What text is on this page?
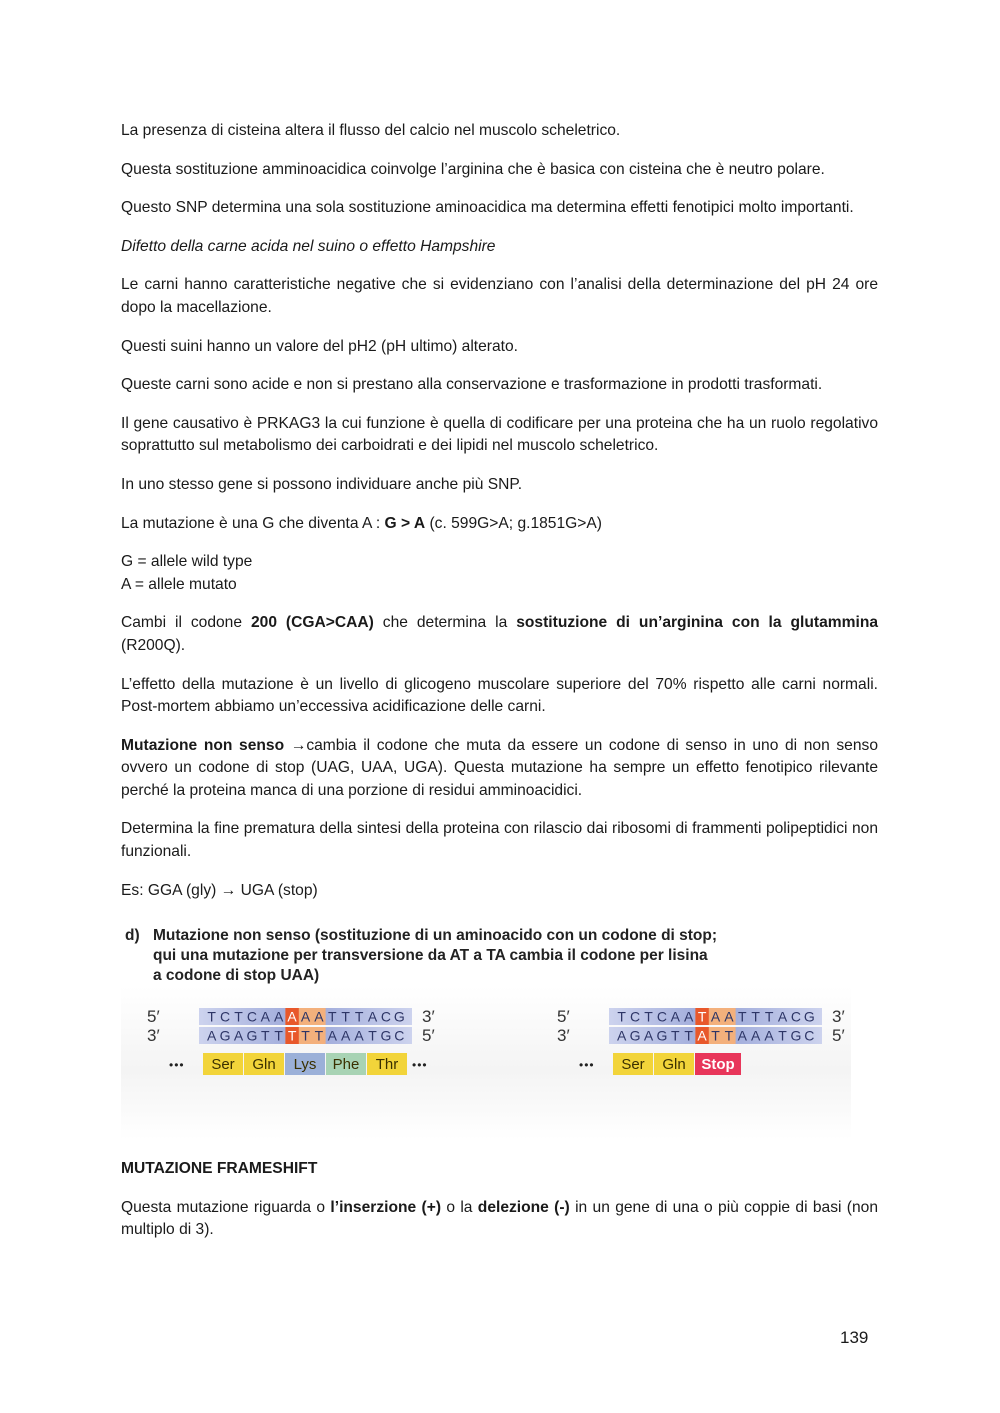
La presenza di cisteina altera il flusso del calcio nel muscolo scheletrico.

Questa sostituzione amminoacidica coinvolge l’arginina che è basica con cisteina che è neutro polare.

Questo SNP determina una sola sostituzione aminoacidica ma determina effetti fenotipici molto importanti.

Difetto della carne acida nel suino o effetto Hampshire

Le carni hanno caratteristiche negative che si evidenziano con l’analisi della determinazione del pH 24 ore dopo la macellazione.

Questi suini hanno un valore del pH2 (pH ultimo) alterato.

Queste carni sono acide e non si prestano alla conservazione e trasformazione in prodotti trasformati.

Il gene causativo è PRKAG3 la cui funzione è quella di codificare per una proteina che ha un ruolo regolativo soprattutto sul metabolismo dei carboidrati e dei lipidi nel muscolo scheletrico.

In uno stesso gene si possono individuare anche più SNP.

La mutazione è una G che diventa A : G > A (c. 599G>A; g.1851G>A)

G = allele wild type
A = allele mutato

Cambi il codone 200 (CGA>CAA) che determina la sostituzione di un’arginina con la glutammina (R200Q).

L’effetto della mutazione è un livello di glicogeno muscolare superiore del 70% rispetto alle carni normali. Post-mortem abbiamo un’eccessiva acidificazione delle carni.

Mutazione non senso →cambia il codone che muta da essere un codone di senso in uno di non senso ovvero un codone di stop (UAG, UAA, UGA). Questa mutazione ha sempre un effetto fenotipico rilevante perché la proteina manca di una porzione di residui amminoacidici.

Determina la fine prematura della sintesi della proteina con rilascio dai ribosomi di frammenti polipeptidici non funzionali.

Es: GGA (gly) → UGA (stop)

d) Mutazione non senso (sostituzione di un aminoacido con un codone di stop;
qui una mutazione per transversione da AT a TA cambia il codone per lisina
a codone di stop UAA)
5′
3′
3′
5′
T C T C A A A A A T T T A C G
A G A G T T T T T A A A T G C
••• Ser Gln Lys Phe Thr •••
5′
3′
3′
5′
T C T C A A T A A T T T A C G
A G A G T T A T T A A A T G C
••• Ser Gln Stop

MUTAZIONE FRAMESHIFT

Questa mutazione riguarda o l’inserzione (+) o la delezione (-) in un gene di una o più coppie di basi (non multiplo di 3).

139
